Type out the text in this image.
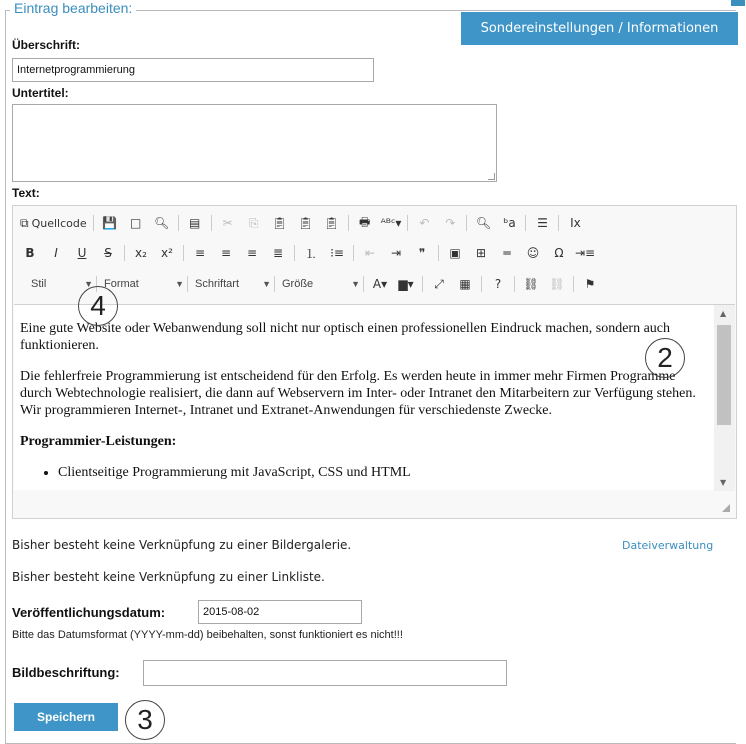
Eintrag bearbeiten:
Sondereinstellungen / Informationen
Überschrift:
Internetprogrammierung
Untertitel:
Text:
⧉ Quellcode 💾 □ 🔍︎ ▤ ✂ ⎘ 📋︎ 📋︎ 📋︎ 🖶 ᴬᴮᶜ▾ ↶ ↷ 🔍︎ ᵇa ☰ Ix
B I U S x₂ x² ≡ ≡ ≡ ≣ ⒈ ⁝≡ ⇤ ⇥ ❞ ▣ ⊞ ═ ☺ Ω ⇥≡
Stil	▼ Format	▼ Schriftart	▼ Größe	▼ A▾ ▆▾ ⤢ ▦ ? ⛓ ⛓ ⚑

Eine gute Website oder Webanwendung soll nicht nur optisch einen professionellen Eindruck machen, sondern auch funktionieren.

Die fehlerfreie Programmierung ist entscheidend für den Erfolg. Es werden heute in immer mehr Firmen Programme durch Webtechnologie realisiert, die dann auf Webservern im Inter- oder Intranet den Mitarbeitern zur Verfügung stehen. Wir programmieren Internet-, Intranet und Extranet-Anwendungen für verschiedenste Zwecke.

Programmier-Leistungen:

• Clientseitige Programmierung mit JavaScript, CSS und HTML
▲
▼
Bisher besteht keine Verknüpfung zu einer Bildergalerie.	Dateiverwaltung
Bisher besteht keine Verknüpfung zu einer Linkliste.
Veröffentlichungsdatum:
2015-08-02
Bitte das Datumsformat (YYYY-mm-dd) beibehalten, sonst funktioniert es nicht!!!
Bildbeschriftung:
Speichern
4
2
3
